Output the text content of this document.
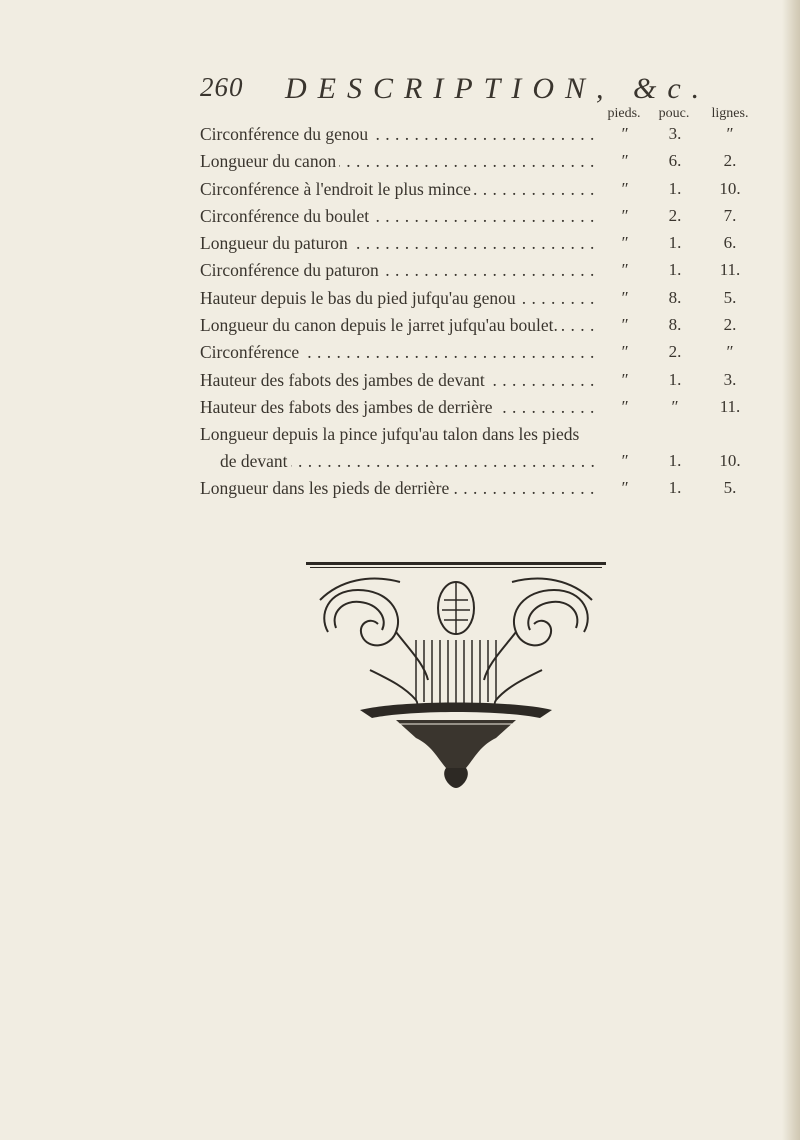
260 DESCRIPTION, &c.
pieds.	pouc.	lignes.
Circonférence du genou . . .	″	3.	″
Longueur du canon . . .	″	6.	2.
Circonférence à l'endroit le plus mince . . .	″	1.	10.
Circonférence du boulet . . .	″	2.	7.
Longueur du paturon . . .	″	1.	6.
Circonférence du paturon . . .	″	1.	11.
Hauteur depuis le bas du pied jufqu'au genou . . .	″	8.	5.
Longueur du canon depuis le jarret jufqu'au boulet. . . .	″	8.	2.
Circonférence . . .	″	2.	″
Hauteur des fabots des jambes de devant . . .	″	1.	3.
Hauteur des fabots des jambes de derrière . . .	″	″	11.
Longueur depuis la pince jufqu'au talon dans les pieds
de devant . . .	″	1.	10.
Longueur dans les pieds de derrière . . .	″	1.	5.
